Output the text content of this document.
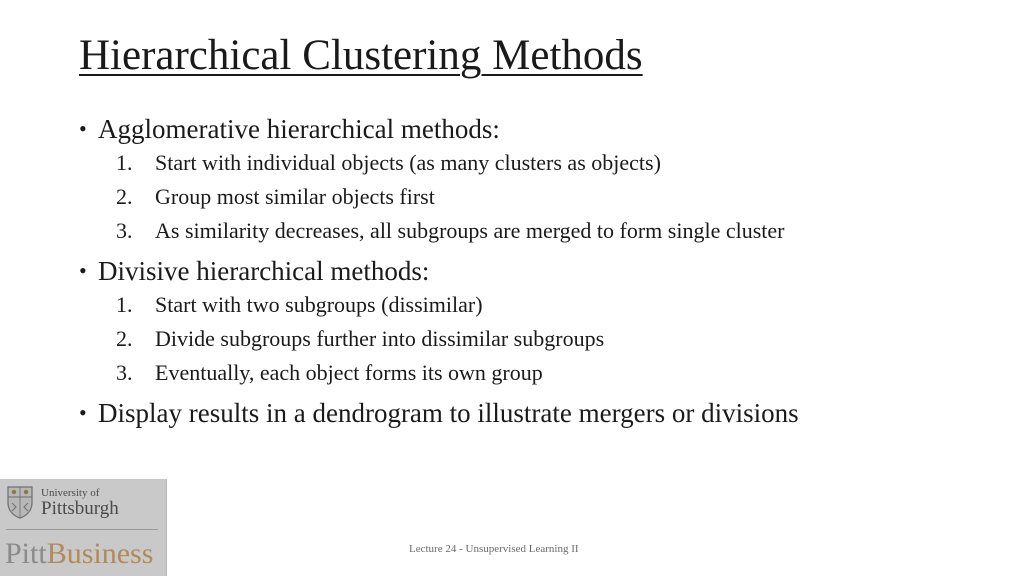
Hierarchical Clustering Methods
• Agglomerative hierarchical methods:
1. Start with individual objects (as many clusters as objects)
2. Group most similar objects first
3. As similarity decreases, all subgroups are merged to form single cluster
• Divisive hierarchical methods:
1. Start with two subgroups (dissimilar)
2. Divide subgroups further into dissimilar subgroups
3. Eventually, each object forms its own group
• Display results in a dendrogram to illustrate mergers or divisions
University of
Pittsburgh
PittBusiness	Lecture 24 - Unsupervised Learning II
